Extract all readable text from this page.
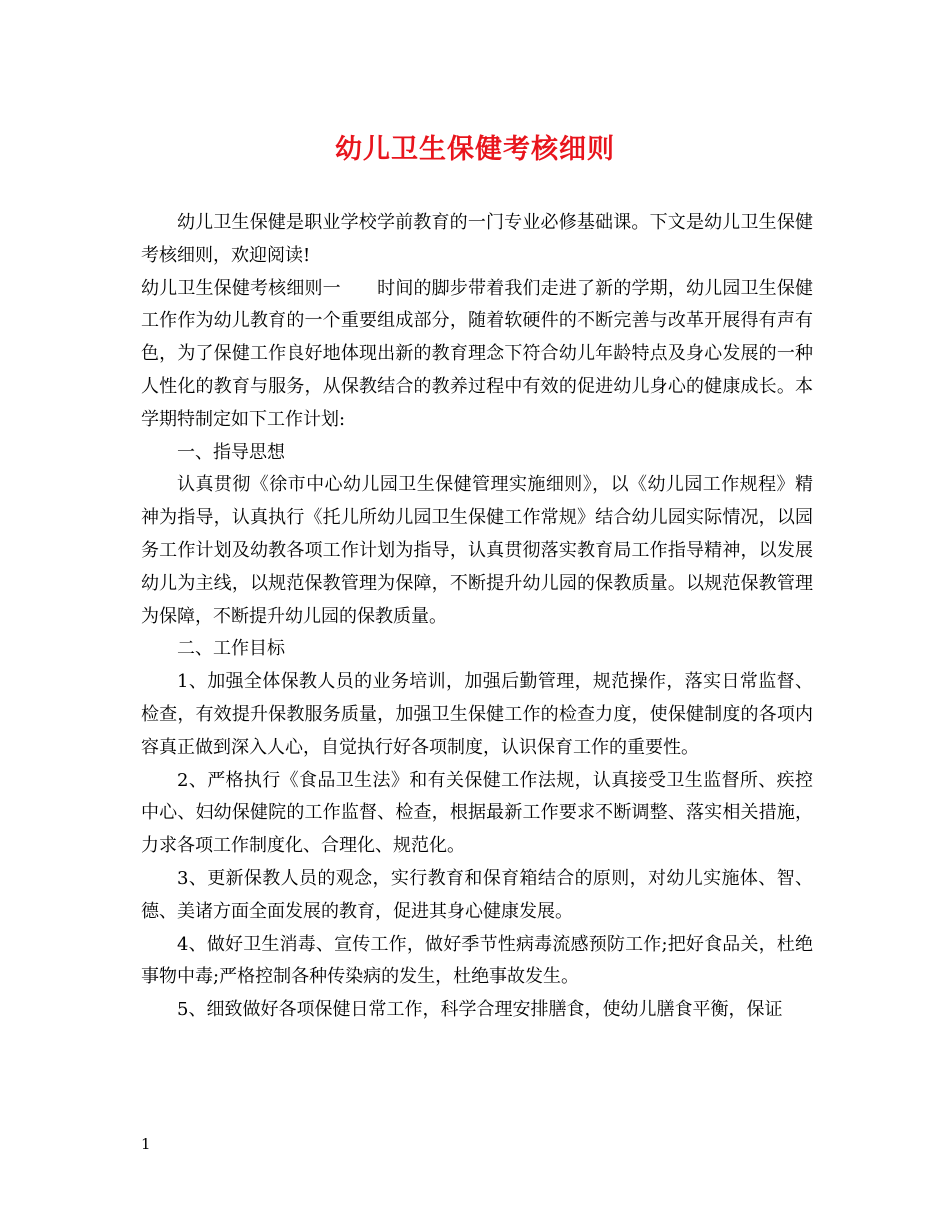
幼儿卫生保健考核细则

幼儿卫生保健是职业学校学前教育的一门专业必修基础课。下文是幼儿卫生保健考核细则，欢迎阅读!

幼儿卫生保健考核细则一　　时间的脚步带着我们走进了新的学期，幼儿园卫生保健工作作为幼儿教育的一个重要组成部分，随着软硬件的不断完善与改革开展得有声有色，为了保健工作良好地体现出新的教育理念下符合幼儿年龄特点及身心发展的一种人性化的教育与服务，从保教结合的教养过程中有效的促进幼儿身心的健康成长。本学期特制定如下工作计划:

一、指导思想

认真贯彻《徐市中心幼儿园卫生保健管理实施细则》，以《幼儿园工作规程》精神为指导，认真执行《托儿所幼儿园卫生保健工作常规》结合幼儿园实际情况，以园务工作计划及幼教各项工作计划为指导，认真贯彻落实教育局工作指导精神，以发展幼儿为主线，以规范保教管理为保障，不断提升幼儿园的保教质量。以规范保教管理为保障，不断提升幼儿园的保教质量。

二、工作目标

1、加强全体保教人员的业务培训，加强后勤管理，规范操作，落实日常监督、检查，有效提升保教服务质量，加强卫生保健工作的检查力度，使保健制度的各项内容真正做到深入人心，自觉执行好各项制度，认识保育工作的重要性。

2、严格执行《食品卫生法》和有关保健工作法规，认真接受卫生监督所、疾控中心、妇幼保健院的工作监督、检查，根据最新工作要求不断调整、落实相关措施，力求各项工作制度化、合理化、规范化。

3、更新保教人员的观念，实行教育和保育箱结合的原则，对幼儿实施体、智、德、美诸方面全面发展的教育，促进其身心健康发展。

4、做好卫生消毒、宣传工作，做好季节性病毒流感预防工作;把好食品关，杜绝事物中毒;严格控制各种传染病的发生，杜绝事故发生。

5、细致做好各项保健日常工作，科学合理安排膳食，使幼儿膳食平衡，保证

1
